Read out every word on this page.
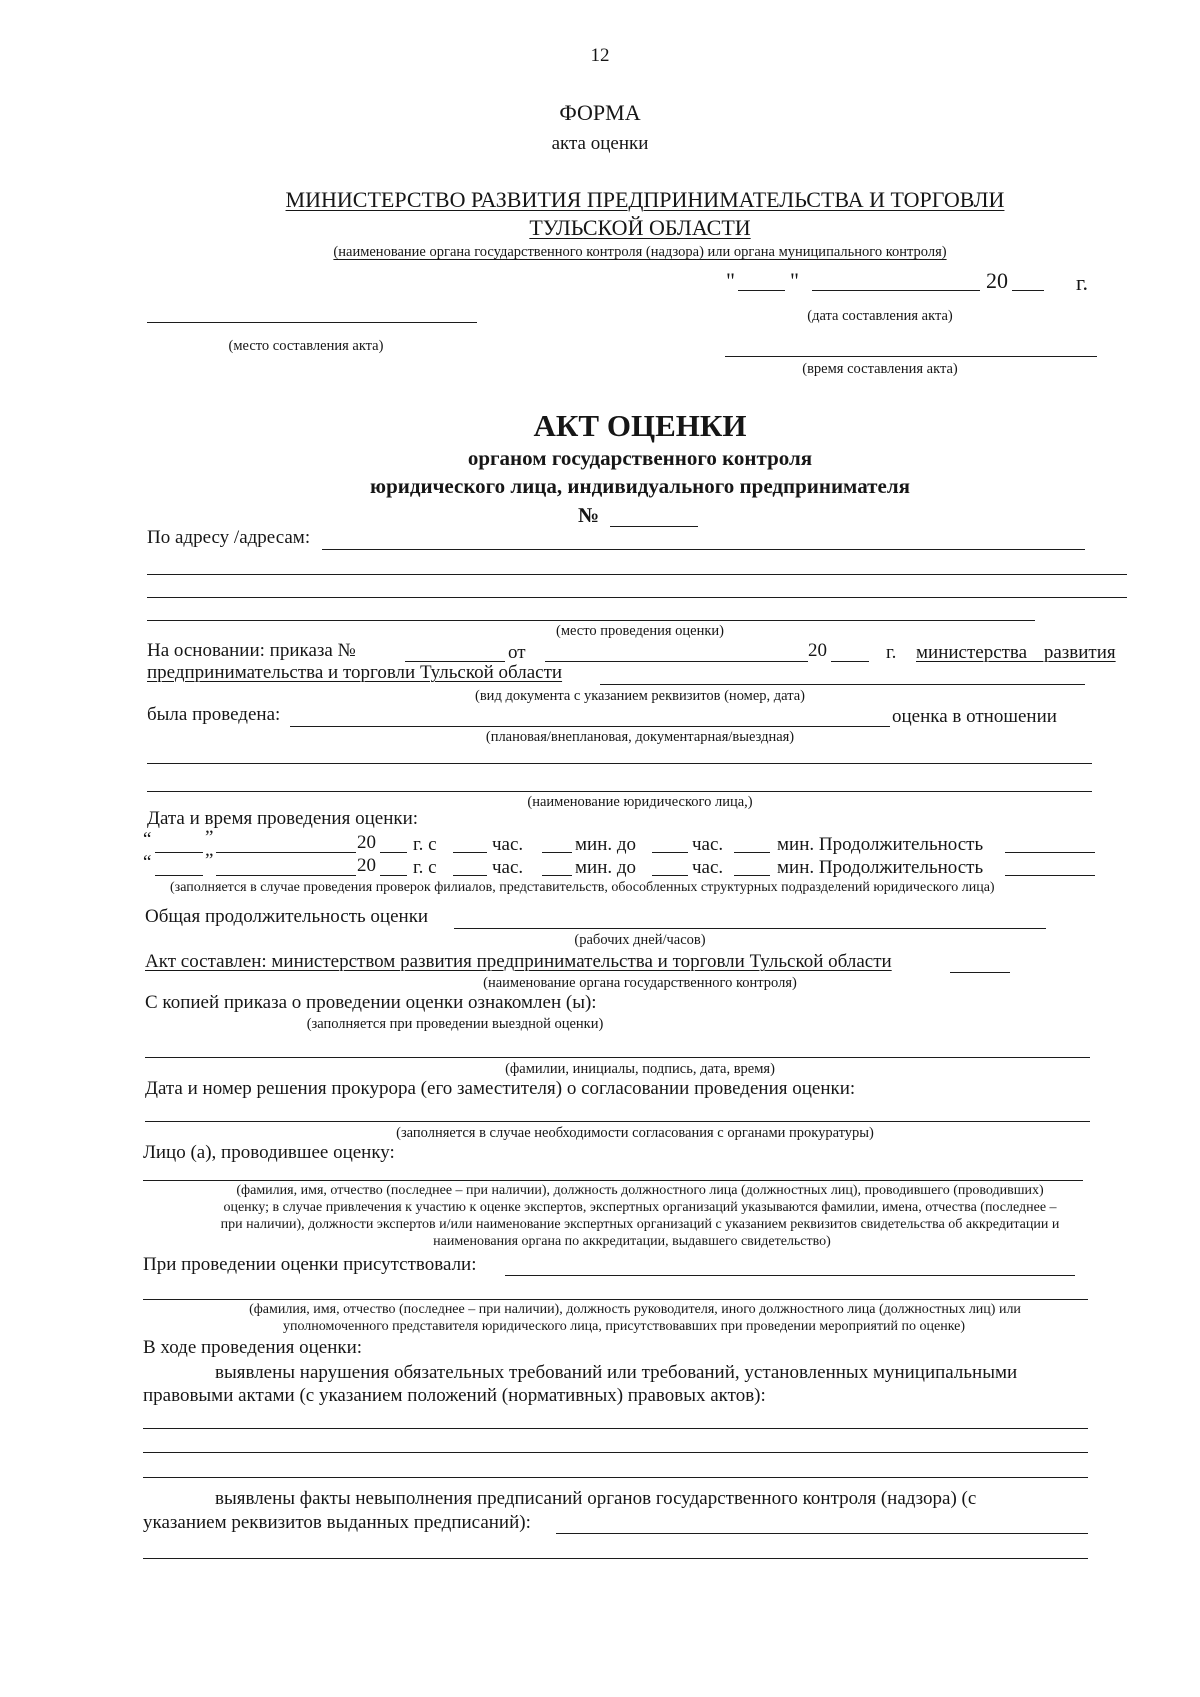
12
ФОРМА
акта оценки
МИНИСТЕРСТВО РАЗВИТИЯ ПРЕДПРИНИМАТЕЛЬСТВА И ТОРГОВЛИ
ТУЛЬСКОЙ ОБЛАСТИ
(наименование органа государственного контроля (надзора) или органа муниципального контроля)
"	"	20	г.
(дата составления акта)
(место составления акта)
(время составления акта)
АКТ ОЦЕНКИ
органом государственного контроля
юридического лица, индивидуального предпринимателя
№
По адресу /адресам:
(место проведения оценки)
На основании: приказа №	от	20	г. министерства развития
предпринимательства и торговли Тульской области
(вид документа с указанием реквизитов (номер, дата)
была проведена:	оценка в отношении
(плановая/внеплановая, документарная/выездная)
(наименование юридического лица,)
Дата и время проведения оценки:
“	”	20 г. с	час.	мин. до	час.	мин. Продолжительность
“	”	20 г. с	час.	мин. до	час.	мин. Продолжительность
(заполняется в случае проведения проверок филиалов, представительств, обособленных структурных подразделений юридического лица)
Общая продолжительность оценки
(рабочих дней/часов)
Акт составлен: министерством развития предпринимательства и торговли Тульской области
(наименование органа государственного контроля)
С копией приказа о проведении оценки ознакомлен (ы):
(заполняется при проведении выездной оценки)
(фамилии, инициалы, подпись, дата, время)
Дата и номер решения прокурора (его заместителя) о согласовании проведения оценки:
(заполняется в случае необходимости согласования с органами прокуратуры)
Лицо (а), проводившее оценку:
(фамилия, имя, отчество (последнее – при наличии), должность должностного лица (должностных лиц), проводившего (проводивших)
оценку; в случае привлечения к участию к оценке экспертов, экспертных организаций указываются фамилии, имена, отчества (последнее –
при наличии), должности экспертов и/или наименование экспертных организаций с указанием реквизитов свидетельства об аккредитации и
наименования органа по аккредитации, выдавшего свидетельство)
При проведении оценки присутствовали:
(фамилия, имя, отчество (последнее – при наличии), должность руководителя, иного должностного лица (должностных лиц) или
уполномоченного представителя юридического лица, присутствовавших при проведении мероприятий по оценке)
В ходе проведения оценки:
выявлены нарушения обязательных требований или требований, установленных муниципальными
правовыми актами (с указанием положений (нормативных) правовых актов):
выявлены факты невыполнения предписаний органов государственного контроля (надзора) (с
указанием реквизитов выданных предписаний):
